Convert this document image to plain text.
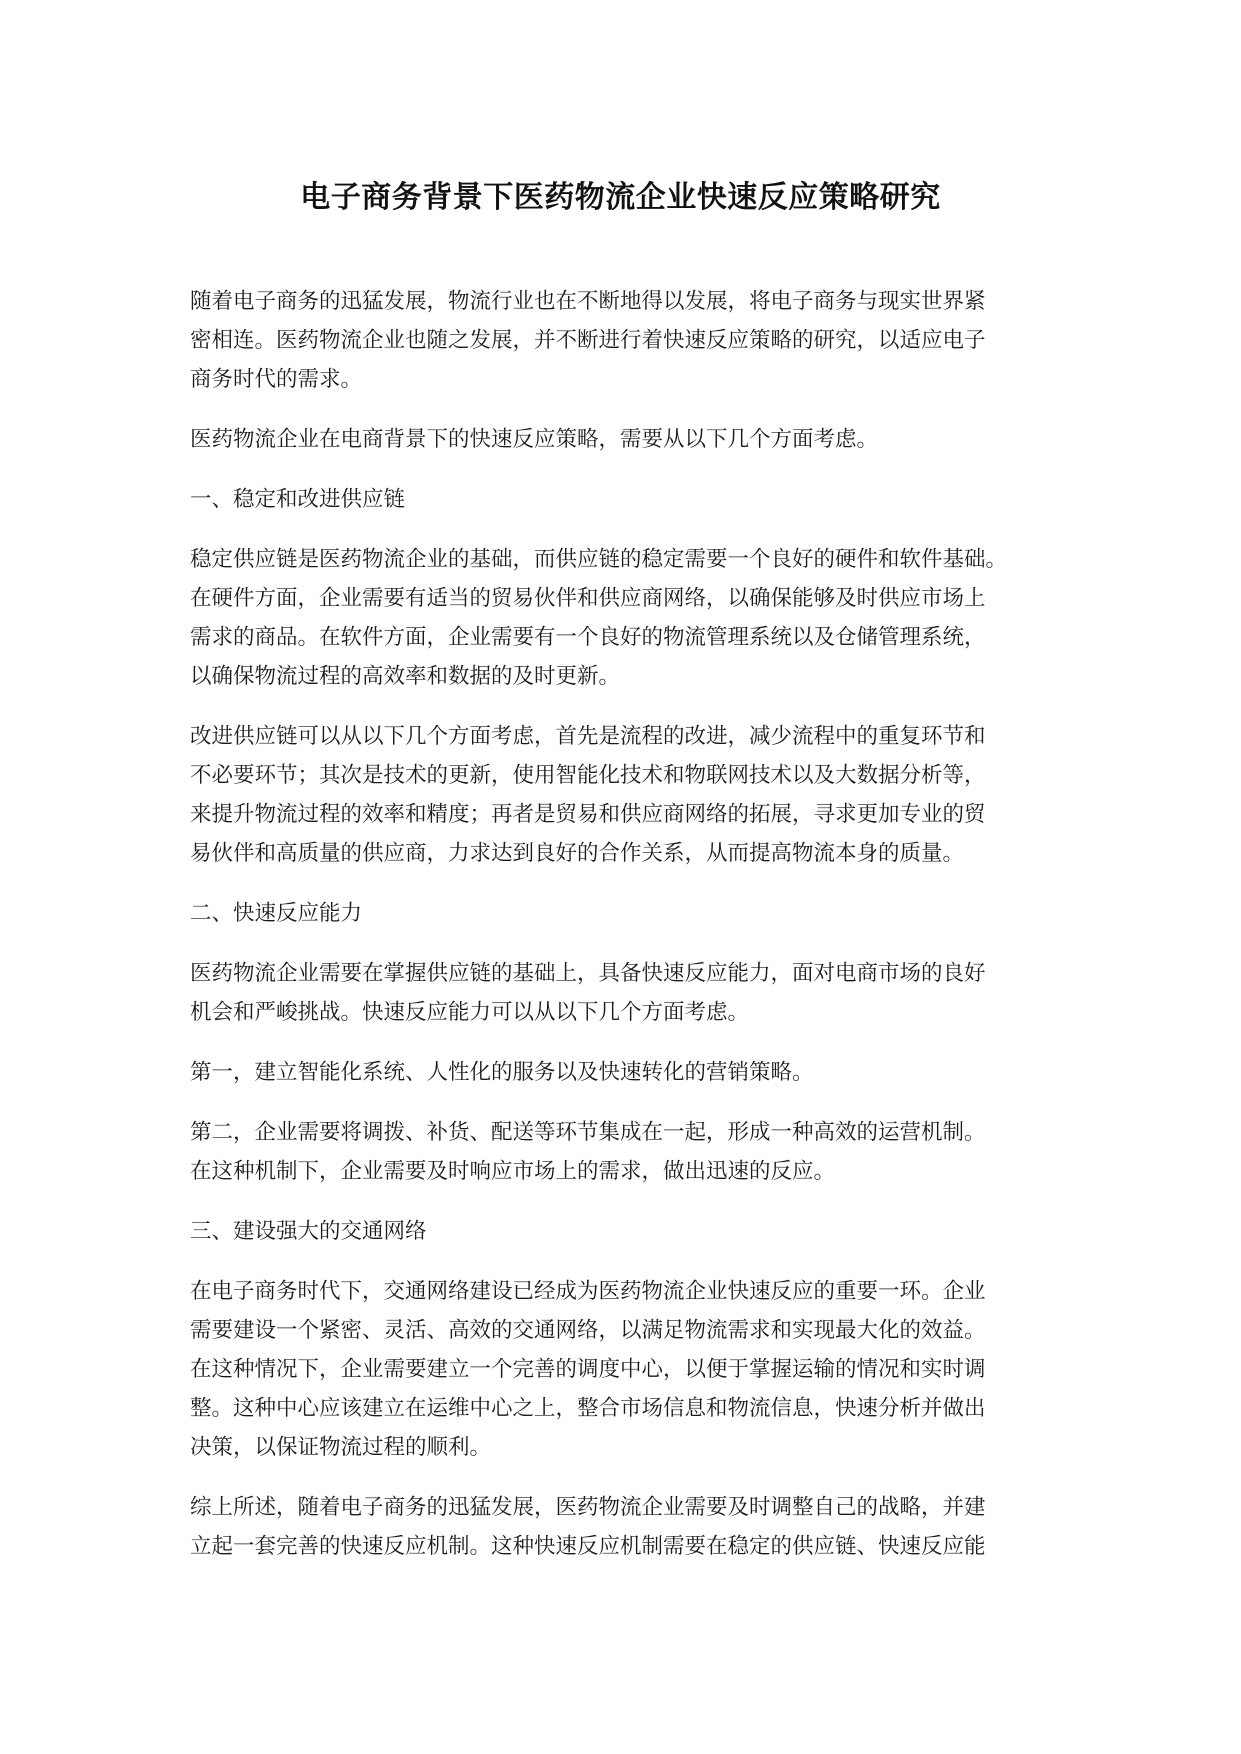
电子商务背景下医药物流企业快速反应策略研究

随着电子商务的迅猛发展，物流行业也在不断地得以发展，将电子商务与现实世界紧
密相连。医药物流企业也随之发展，并不断进行着快速反应策略的研究，以适应电子
商务时代的需求。

医药物流企业在电商背景下的快速反应策略，需要从以下几个方面考虑。

一、稳定和改进供应链

稳定供应链是医药物流企业的基础，而供应链的稳定需要一个良好的硬件和软件基础。
在硬件方面，企业需要有适当的贸易伙伴和供应商网络，以确保能够及时供应市场上
需求的商品。在软件方面，企业需要有一个良好的物流管理系统以及仓储管理系统，
以确保物流过程的高效率和数据的及时更新。

改进供应链可以从以下几个方面考虑，首先是流程的改进，减少流程中的重复环节和
不必要环节；其次是技术的更新，使用智能化技术和物联网技术以及大数据分析等，
来提升物流过程的效率和精度；再者是贸易和供应商网络的拓展，寻求更加专业的贸
易伙伴和高质量的供应商，力求达到良好的合作关系，从而提高物流本身的质量。

二、快速反应能力

医药物流企业需要在掌握供应链的基础上，具备快速反应能力，面对电商市场的良好
机会和严峻挑战。快速反应能力可以从以下几个方面考虑。

第一，建立智能化系统、人性化的服务以及快速转化的营销策略。

第二，企业需要将调拨、补货、配送等环节集成在一起，形成一种高效的运营机制。
在这种机制下，企业需要及时响应市场上的需求，做出迅速的反应。

三、建设强大的交通网络

在电子商务时代下，交通网络建设已经成为医药物流企业快速反应的重要一环。企业
需要建设一个紧密、灵活、高效的交通网络，以满足物流需求和实现最大化的效益。
在这种情况下，企业需要建立一个完善的调度中心，以便于掌握运输的情况和实时调
整。这种中心应该建立在运维中心之上，整合市场信息和物流信息，快速分析并做出
决策，以保证物流过程的顺利。

综上所述，随着电子商务的迅猛发展，医药物流企业需要及时调整自己的战略，并建
立起一套完善的快速反应机制。这种快速反应机制需要在稳定的供应链、快速反应能
